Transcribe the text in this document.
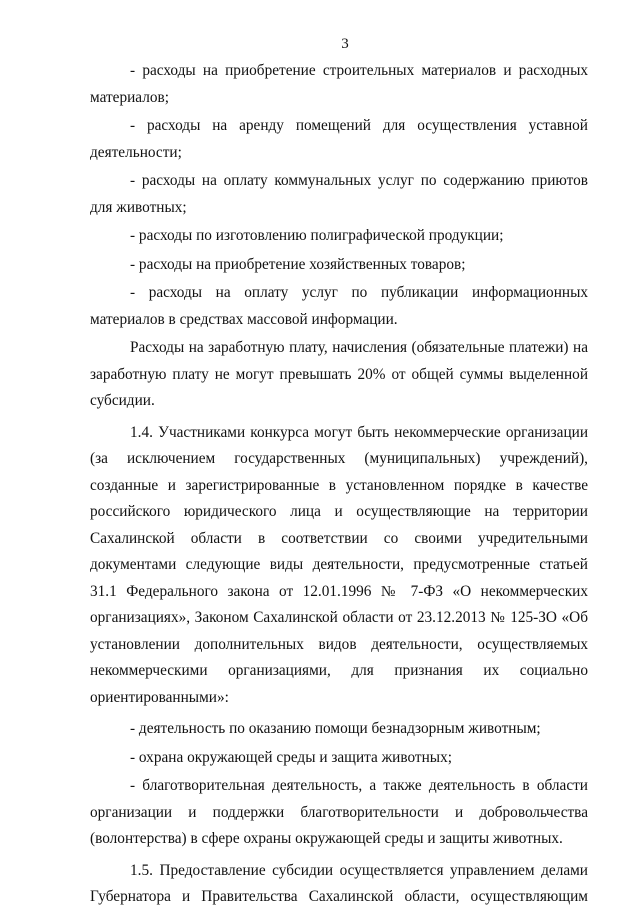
3

- расходы на приобретение строительных материалов и расходных материалов;

- расходы на аренду помещений для осуществления уставной деятельности;

- расходы на оплату коммунальных услуг по содержанию приютов для животных;

- расходы по изготовлению полиграфической продукции;

- расходы на приобретение хозяйственных товаров;

- расходы на оплату услуг по публикации информационных материалов в средствах массовой информации.

Расходы на заработную плату, начисления (обязательные платежи) на заработную плату не могут превышать 20% от общей суммы выделенной субсидии.

1.4. Участниками конкурса могут быть некоммерческие организации (за исключением государственных (муниципальных) учреждений), созданные и зарегистрированные в установленном порядке в качестве российского юридического лица и осуществляющие на территории Сахалинской области в соответствии со своими учредительными документами следующие виды деятельности, предусмотренные статьей 31.1 Федерального закона от 12.01.1996 № 7-ФЗ «О некоммерческих организациях», Законом Сахалинской области от 23.12.2013 № 125-ЗО «Об установлении дополнительных видов деятельности, осуществляемых некоммерческими организациями, для признания их социально ориентированными»:

- деятельность по оказанию помощи безнадзорным животным;

- охрана окружающей среды и защита животных;

- благотворительная деятельность, а также деятельность в области организации и поддержки благотворительности и добровольчества (волонтерства) в сфере охраны окружающей среды и защиты животных.

1.5. Предоставление субсидии осуществляется управлением делами Губернатора и Правительства Сахалинской области, осуществляющим
